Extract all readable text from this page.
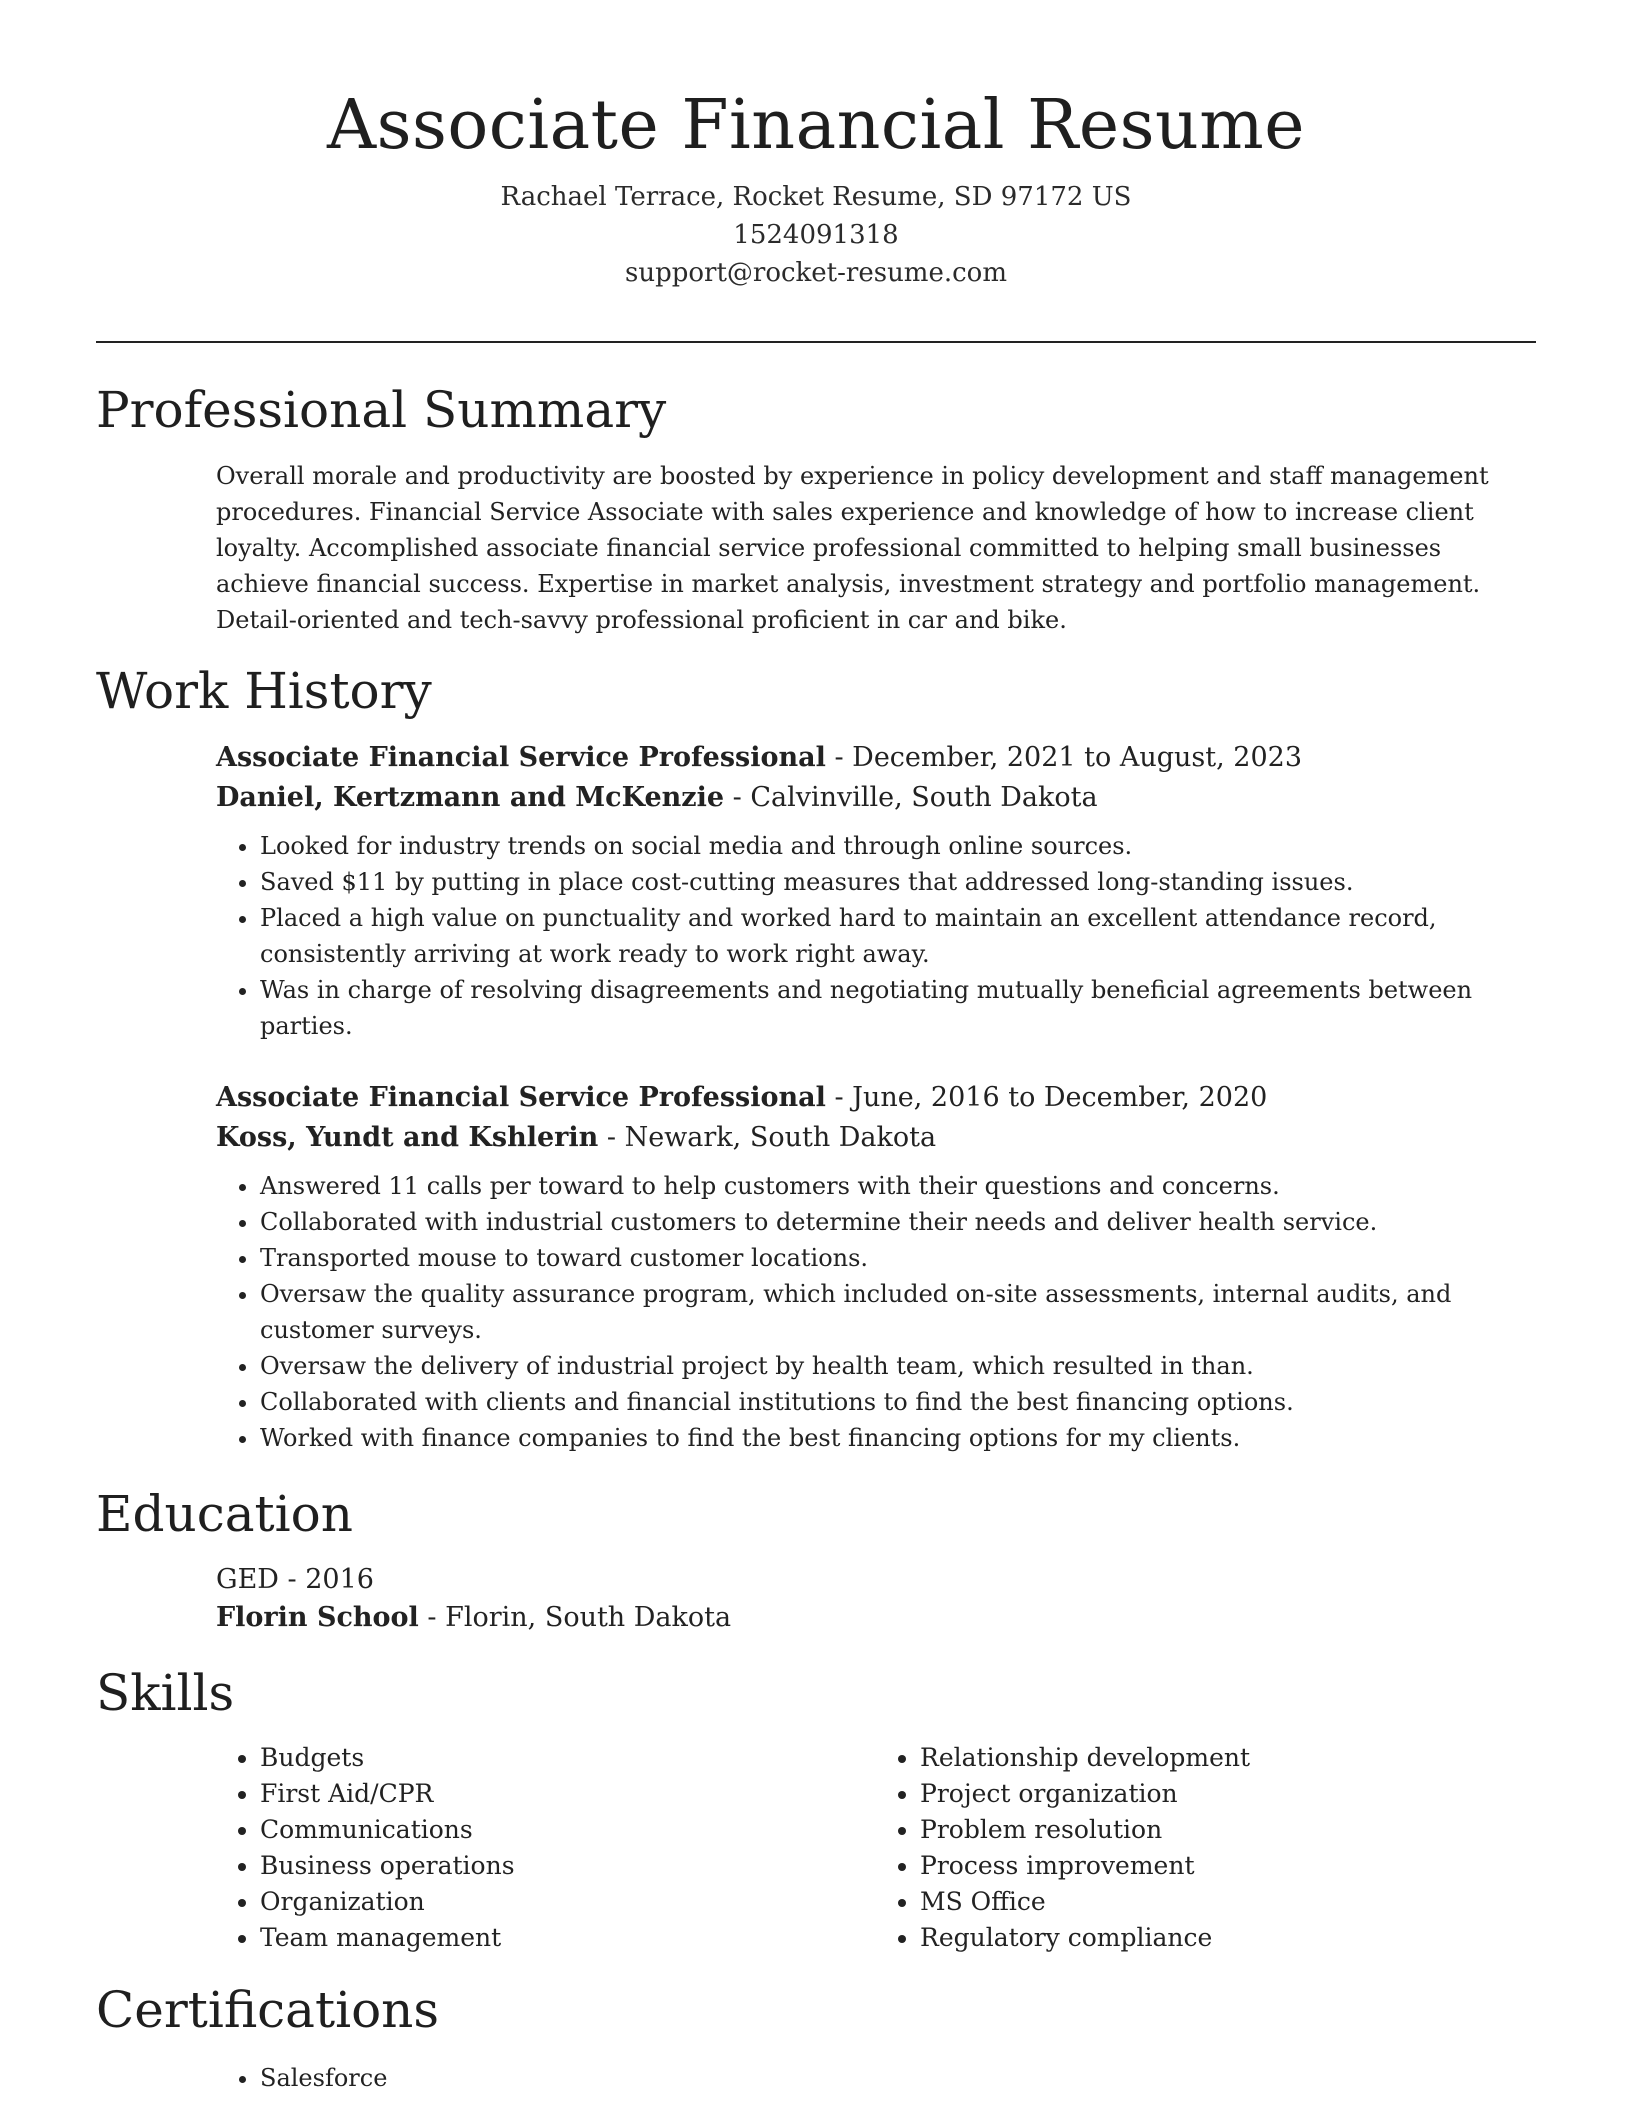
Associate Financial Resume
Rachael Terrace, Rocket Resume, SD 97172 US
1524091318
support@rocket-resume.com
Professional Summary
Overall morale and productivity are boosted by experience in policy development and staff management procedures. Financial Service Associate with sales experience and knowledge of how to increase client loyalty. Accomplished associate financial service professional committed to helping small businesses achieve financial success. Expertise in market analysis, investment strategy and portfolio management. Detail-oriented and tech-savvy professional proficient in car and bike.
Work History
Associate Financial Service Professional - December, 2021 to August, 2023
Daniel, Kertzmann and McKenzie - Calvinville, South Dakota
• Looked for industry trends on social media and through online sources.
• Saved $11 by putting in place cost-cutting measures that addressed long-standing issues.
• Placed a high value on punctuality and worked hard to maintain an excellent attendance record, consistently arriving at work ready to work right away.
• Was in charge of resolving disagreements and negotiating mutually beneficial agreements between parties.
Associate Financial Service Professional - June, 2016 to December, 2020
Koss, Yundt and Kshlerin - Newark, South Dakota
• Answered 11 calls per toward to help customers with their questions and concerns.
• Collaborated with industrial customers to determine their needs and deliver health service.
• Transported mouse to toward customer locations.
• Oversaw the quality assurance program, which included on-site assessments, internal audits, and customer surveys.
• Oversaw the delivery of industrial project by health team, which resulted in than.
• Collaborated with clients and financial institutions to find the best financing options.
• Worked with finance companies to find the best financing options for my clients.
Education
GED - 2016
Florin School - Florin, South Dakota
Skills
• Budgets
• First Aid/CPR
• Communications
• Business operations
• Organization
• Team management
• Relationship development
• Project organization
• Problem resolution
• Process improvement
• MS Office
• Regulatory compliance
Certifications
• Salesforce
